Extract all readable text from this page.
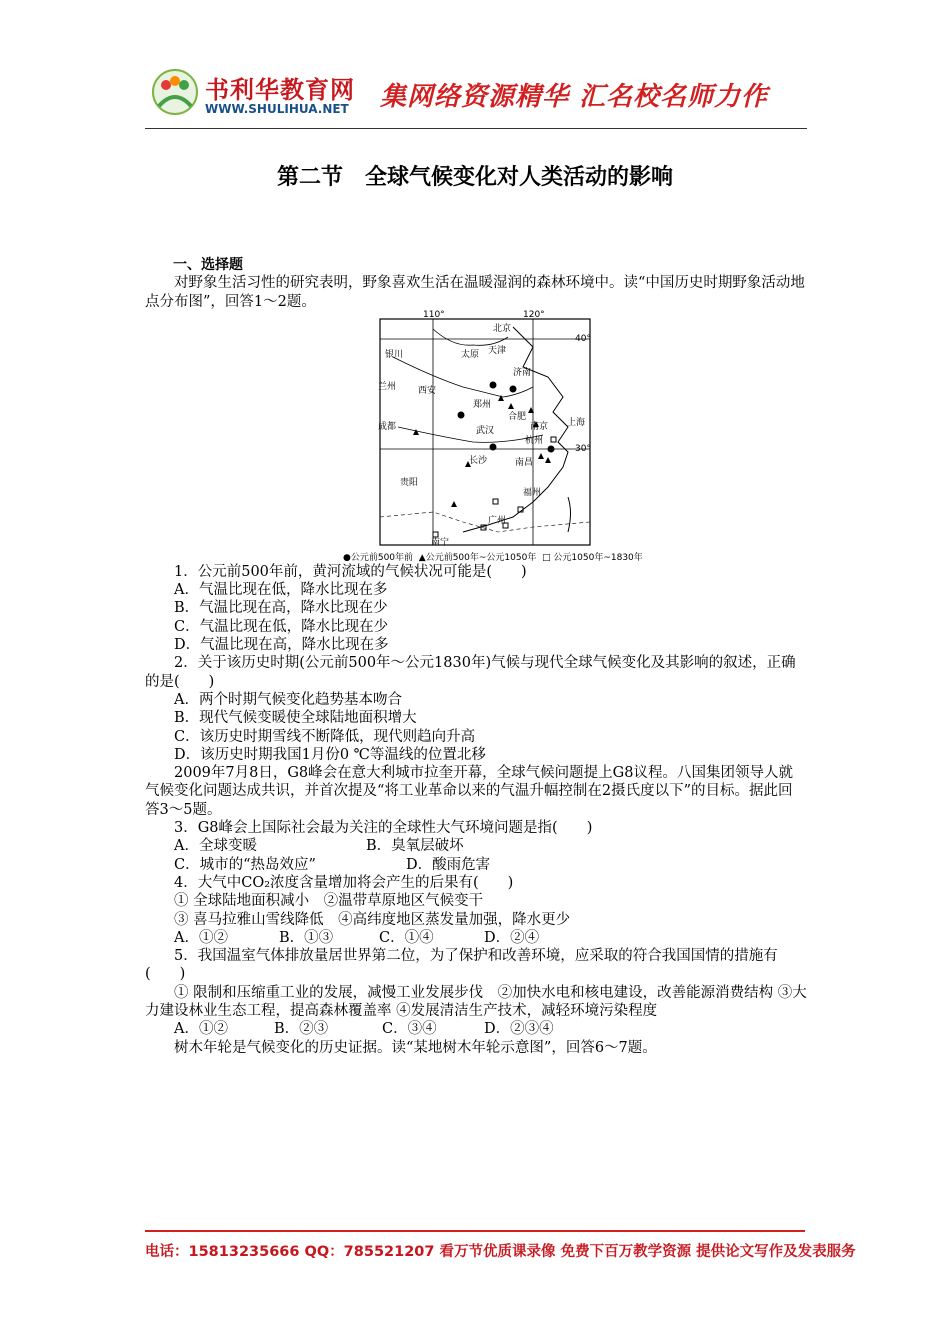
书利华教育网
WWW.SHULIHUA.NET 集网络资源精华 汇名校名师力作
第二节　全球气候变化对人类活动的影响

一、选择题

对野象生活习性的研究表明，野象喜欢生活在温暖湿润的森林环境中。读“中国历史时期野象活动地点分布图”，回答1～2题。

110°	120°
40°
30°
北京
银川	太原 天津
济南
兰州 西安
郑州
合肥
成都	武汉	南京 上海
杭州
长沙	南昌
贵阳
福州
广州
南宁
●公元前500年前 ▲公元前500年~公元1050年 □ 公元1050年~1830年

1．公元前500年前，黄河流域的气候状况可能是(　　)

A．气温比现在低，降水比现在多

B．气温比现在高，降水比现在少

C．气温比现在低，降水比现在少

D．气温比现在高，降水比现在多

2．关于该历史时期(公元前500年～公元1830年)气候与现代全球气候变化及其影响的叙述，正确的是(　　)

A．两个时期气候变化趋势基本吻合

B．现代气候变暖使全球陆地面积增大

C．该历史时期雪线不断降低，现代则趋向升高

D．该历史时期我国1月份0 ℃等温线的位置北移

2009年7月8日，G8峰会在意大利城市拉奎开幕，全球气候问题提上G8议程。八国集团领导人就气候变化问题达成共识，并首次提及“将工业革命以来的气温升幅控制在2摄氏度以下”的目标。据此回答3～5题。

3．G8峰会上国际社会最为关注的全球性大气环境问题是指(　　)

A．全球变暖	B．臭氧层破坏

C．城市的“热岛效应”	D．酸雨危害

4．大气中CO₂浓度含量增加将会产生的后果有(　　)

① 全球陆地面积减小　②温带草原地区气候变干

③ 喜马拉雅山雪线降低　④高纬度地区蒸发量加强，降水更少

A．①②	B．①③	C．①④	D．②④

5．我国温室气体排放量居世界第二位，为了保护和改善环境，应采取的符合我国国情的措施有(　　)

① 限制和压缩重工业的发展，减慢工业发展步伐　②加快水电和核电建设，改善能源消费结构 ③大力建设林业生态工程，提高森林覆盖率 ④发展清洁生产技术，减轻环境污染程度

A．①②	B．②③	C．③④	D．②③④

树木年轮是气候变化的历史证据。读“某地树木年轮示意图”，回答6～7题。

电话：15813235666 QQ：785521207 看万节优质课录像 免费下百万教学资源 提供论文写作及发表服务
